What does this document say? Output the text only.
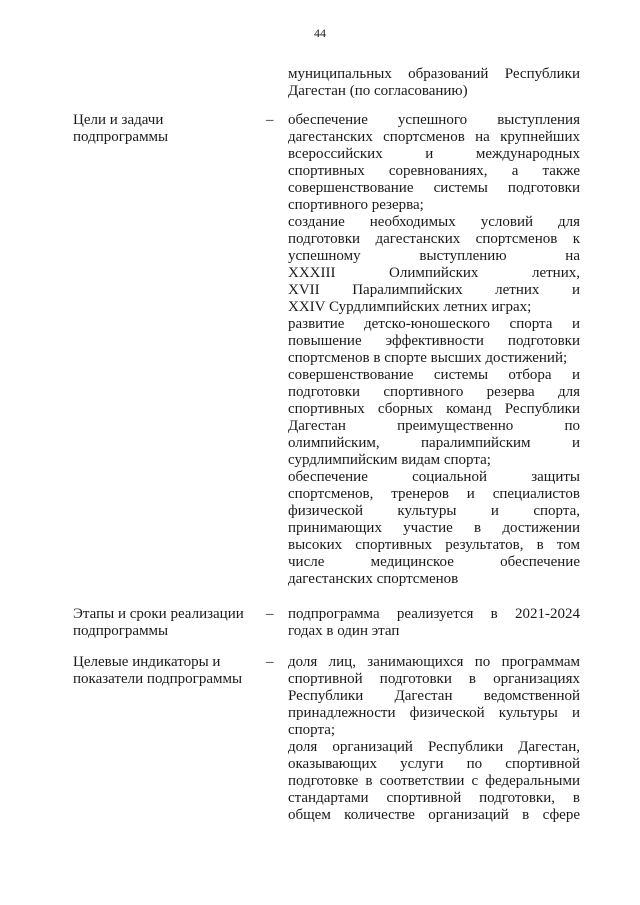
44
муниципальных образований Республики
Дагестан (по согласованию)
Цели и задачи
подпрограммы
– обеспечение успешного выступления
дагестанских спортсменов на крупнейших
всероссийских и международных
спортивных соревнованиях, а также
совершенствование системы подготовки
спортивного резерва;
создание необходимых условий для
подготовки дагестанских спортсменов к
успешному выступлению на
XXXIII Олимпийских летних,
XVII Паралимпийских летних и
XXIV Сурдлимпийских летних играх;
развитие детско-юношеского спорта и
повышение эффективности подготовки
спортсменов в спорте высших достижений;
совершенствование системы отбора и
подготовки спортивного резерва для
спортивных сборных команд Республики
Дагестан преимущественно по
олимпийским, паралимпийским и
сурдлимпийским видам спорта;
обеспечение социальной защиты
спортсменов, тренеров и специалистов
физической культуры и спорта,
принимающих участие в достижении
высоких спортивных результатов, в том
числе медицинское обеспечение
дагестанских спортсменов
Этапы и сроки реализации
подпрограммы
– подпрограмма реализуется в 2021-2024
годах в один этап
Целевые индикаторы и
показатели подпрограммы
– доля лиц, занимающихся по программам
спортивной подготовки в организациях
Республики Дагестан ведомственной
принадлежности физической культуры и
спорта;
доля организаций Республики Дагестан,
оказывающих услуги по спортивной
подготовке в соответствии с федеральными
стандартами спортивной подготовки, в
общем количестве организаций в сфере
